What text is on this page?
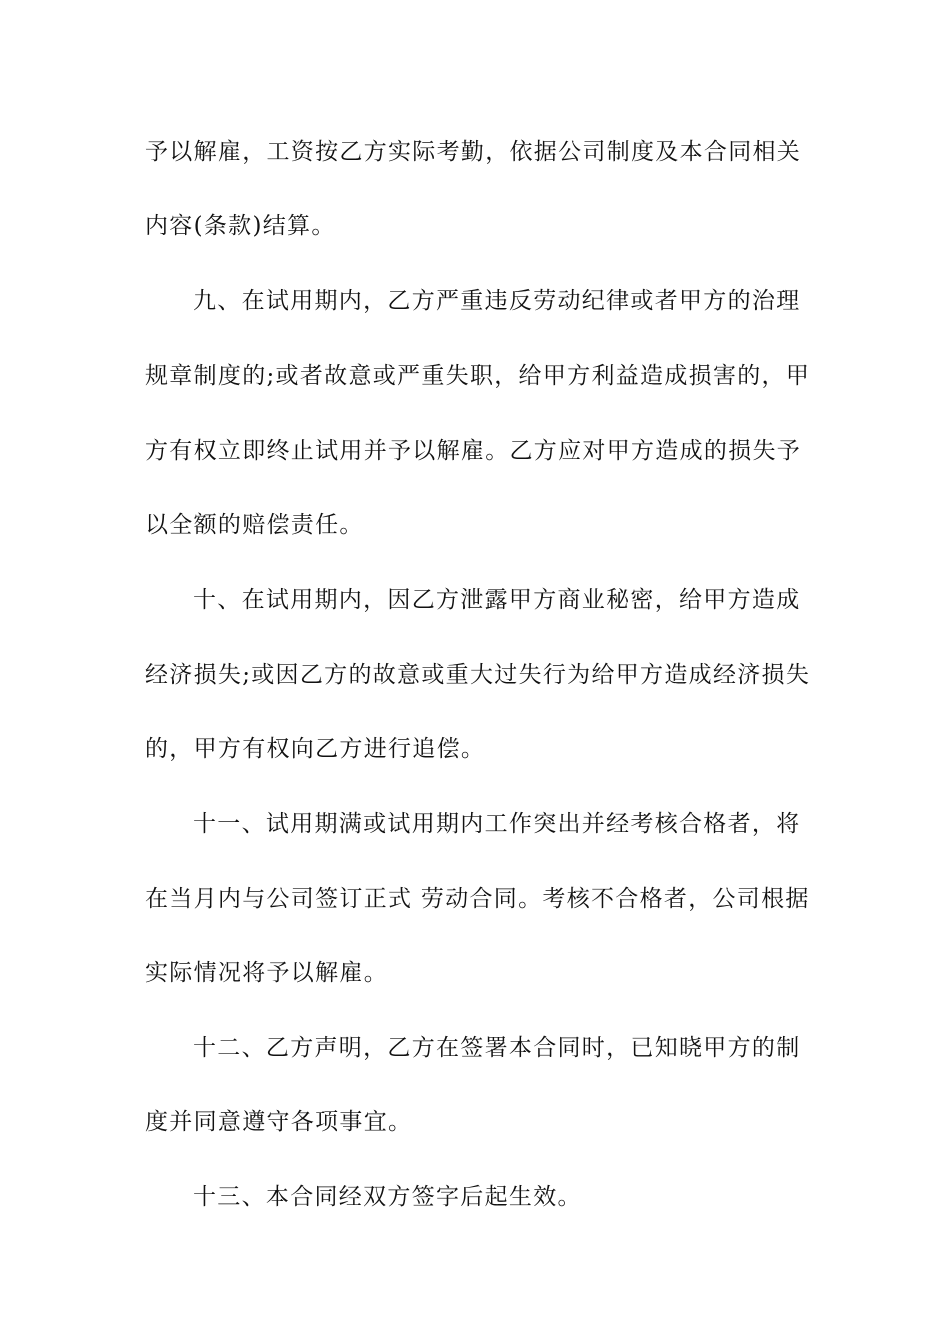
予以解雇，工资按乙方实际考勤，依据公司制度及本合同相关
内容(条款)结算。
九、在试用期内，乙方严重违反劳动纪律或者甲方的治理
规章制度的;或者故意或严重失职，给甲方利益造成损害的，甲
方有权立即终止试用并予以解雇。乙方应对甲方造成的损失予
以全额的赔偿责任。
十、在试用期内，因乙方泄露甲方商业秘密，给甲方造成
经济损失;或因乙方的故意或重大过失行为给甲方造成经济损失
的，甲方有权向乙方进行追偿。
十一、试用期满或试用期内工作突出并经考核合格者，将
在当月内与公司签订正式 劳动合同。考核不合格者，公司根据
实际情况将予以解雇。
十二、乙方声明，乙方在签署本合同时，已知晓甲方的制
度并同意遵守各项事宜。
十三、本合同经双方签字后起生效。
